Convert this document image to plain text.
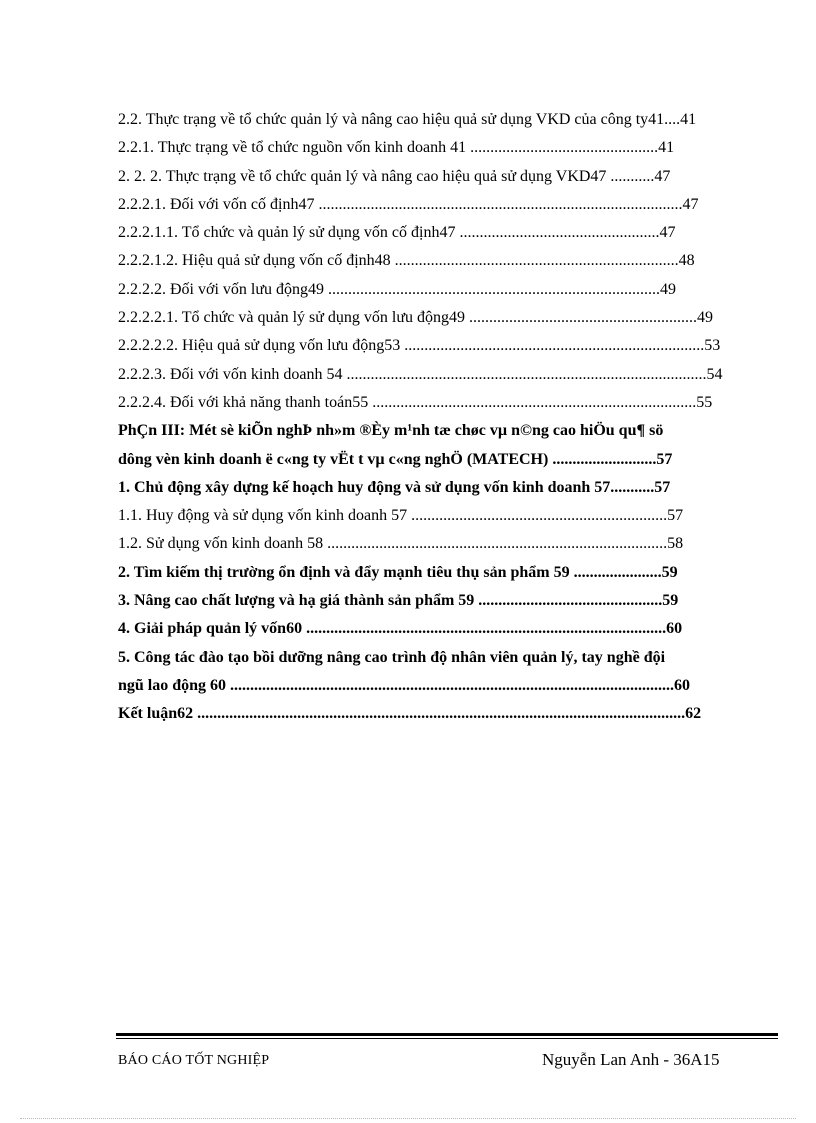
2.2. Thực trạng về tổ chức quản lý và nâng cao hiệu quả sử dụng VKD của công ty41....41
2.2.1. Thực trạng về tổ chức nguồn vốn kinh doanh 41 ...............................................41
2. 2. 2. Thực trạng về tổ chức quản lý và nâng cao hiệu quả sử dụng VKD47 ...........47
2.2.2.1. Đối với vốn cố định47 ...........................................................................................47
2.2.2.1.1. Tổ chức và quản lý sử dụng vốn cố định47 ..................................................47
2.2.2.1.2. Hiệu quả sử dụng vốn cố định48 .......................................................................48
2.2.2.2. Đối với vốn lưu động49 ...................................................................................49
2.2.2.2.1. Tổ chức và quản lý sử dụng vốn lưu động49 .........................................................49
2.2.2.2.2. Hiệu quả sử dụng vốn lưu động53 ...........................................................................53
2.2.2.3. Đối với vốn kinh doanh 54 ..........................................................................................54
2.2.2.4. Đối với khả năng thanh toán55 .................................................................................55
PhÇn III: Mét sè kiÕn nghÞ nh»m ®Èy m¹nh tæ chøc vµ n©ng cao hiÖu qu¶ sö
dông vèn kinh doanh ë c«ng ty vËt t vµ c«ng nghÖ (MATECH) ..........................57
1. Chủ động xây dựng kế hoạch huy động và sử dụng vốn kinh doanh 57...........57
1.1. Huy động và sử dụng vốn kinh doanh 57 ................................................................57
1.2. Sử dụng vốn kinh doanh 58 .....................................................................................58
2. Tìm kiếm thị trường ổn định và đẩy mạnh tiêu thụ sản phẩm 59 ......................59
3. Nâng cao chất lượng và hạ giá thành sản phẩm 59 ..............................................59
4. Giải pháp quản lý vốn60 ..........................................................................................60
5. Công tác đào tạo bồi dưỡng nâng cao trình độ nhân viên quản lý, tay nghề đội
ngũ lao động 60 ...............................................................................................................60
Kết luận62 ..........................................................................................................................62
BÁO CÁO TỐT NGHIỆP	Nguyễn Lan Anh - 36A15
